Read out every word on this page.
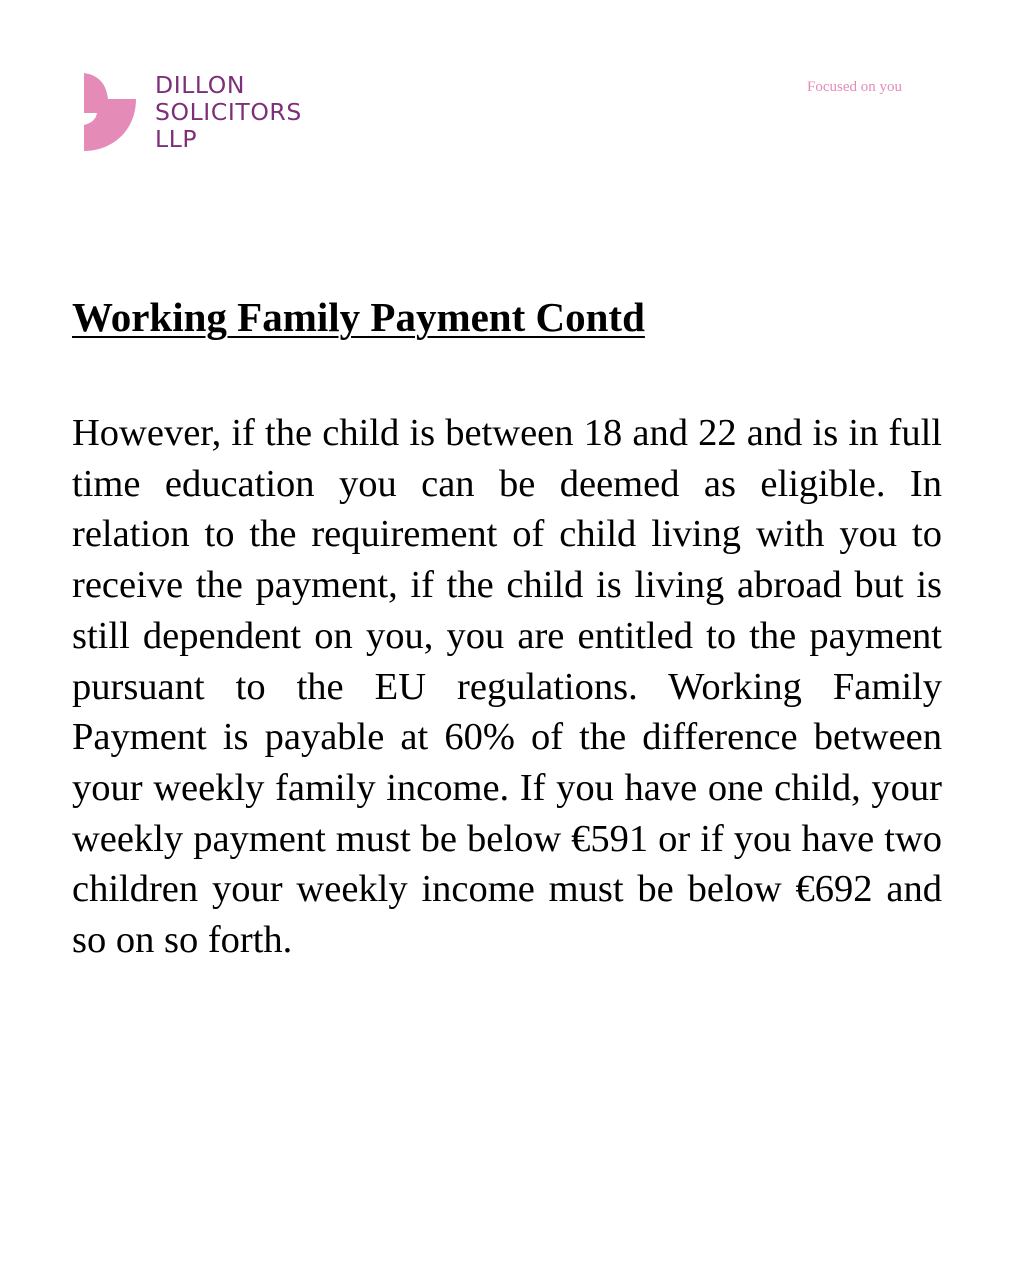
DILLON
SOLICITORS
LLP
Focused on you
Working Family Payment Contd

However, if the child is between 18 and 22 and is in full time education you can be deemed as eligible. In relation to the requirement of child living with you to receive the payment, if the child is living abroad but is still dependent on you, you are entitled to the payment pursuant to the EU regulations. Working Family Payment is payable at 60% of the difference between your weekly family income. If you have one child, your weekly payment must be below €591 or if you have two children your weekly income must be below €692 and so on so forth.
